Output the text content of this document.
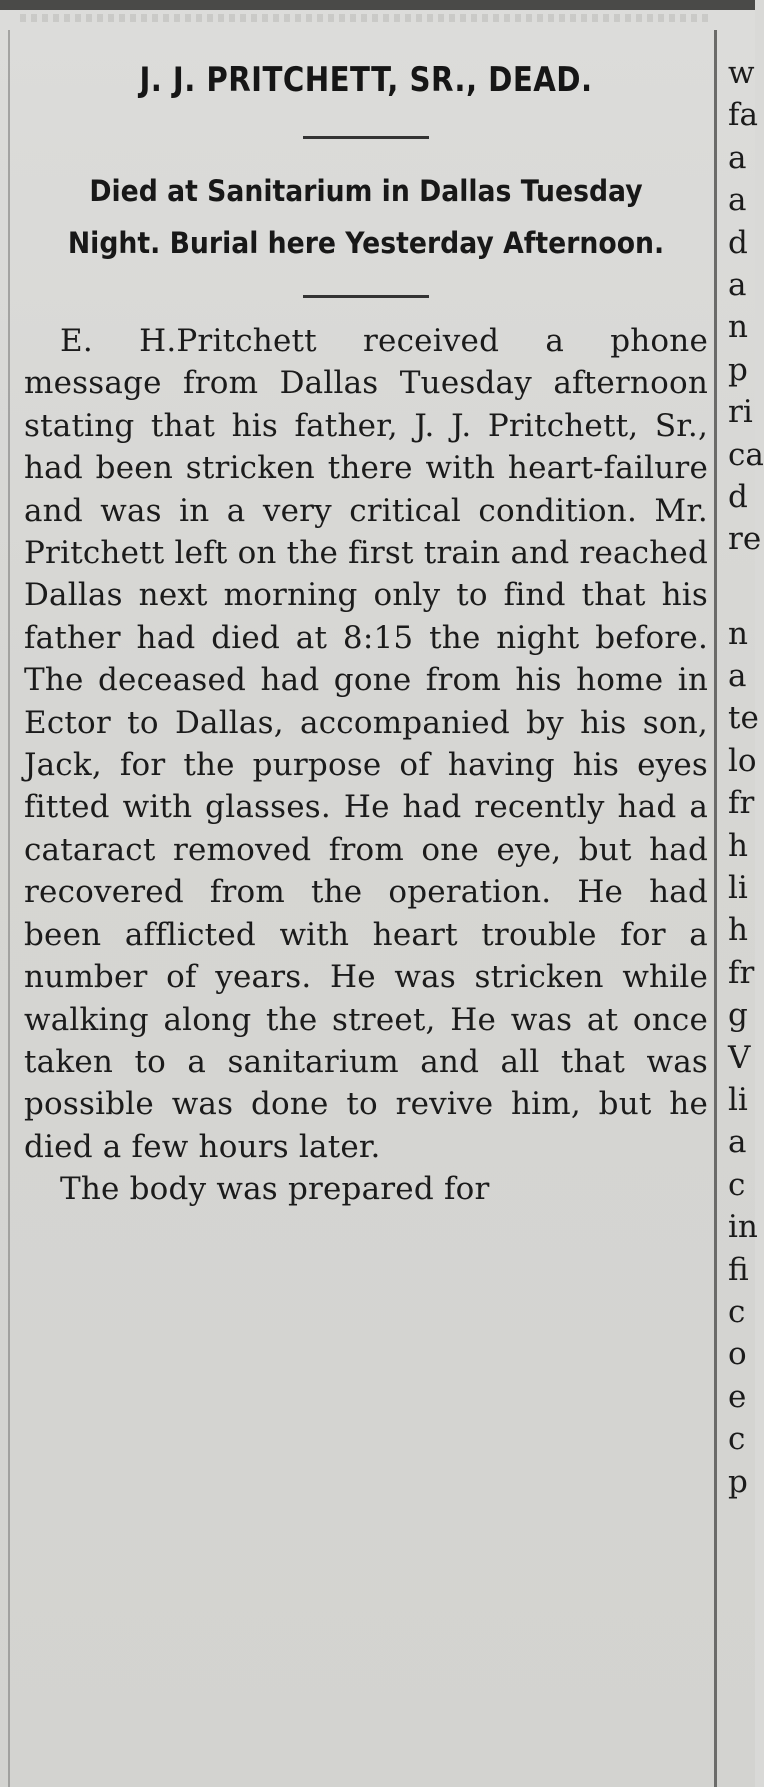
J. J. PRITCHETT, SR., DEAD.
Died at Sanitarium in Dallas Tuesday Night. Burial here Yesterday Afternoon.
E. H.Pritchett received a phone message from Dallas Tuesday afternoon stating that his father, J. J. Pritchett, Sr., had been stricken there with heart-failure and was in a very critical condition. Mr. Pritchett left on the first train and reached Dallas next morning only to find that his father had died at 8:15 the night before. The deceased had gone from his home in Ector to Dallas, accompanied by his son, Jack, for the purpose of having his eyes fitted with glasses. He had recently had a cataract removed from one eye, but had recovered from the operation. He had been afflicted with heart trouble for a number of years. He was stricken while walking along the street, He was at once taken to a sanitarium and all that was possible was done to revive him, but he died a few hours later.
The body was prepared for
w
fa
a
a
d
a
n
p
ri
ca
d
re
n
a
te
lo
fr
h
li
h
fr
g
V
li
a
c
in
fi
c
o
e
c
p
